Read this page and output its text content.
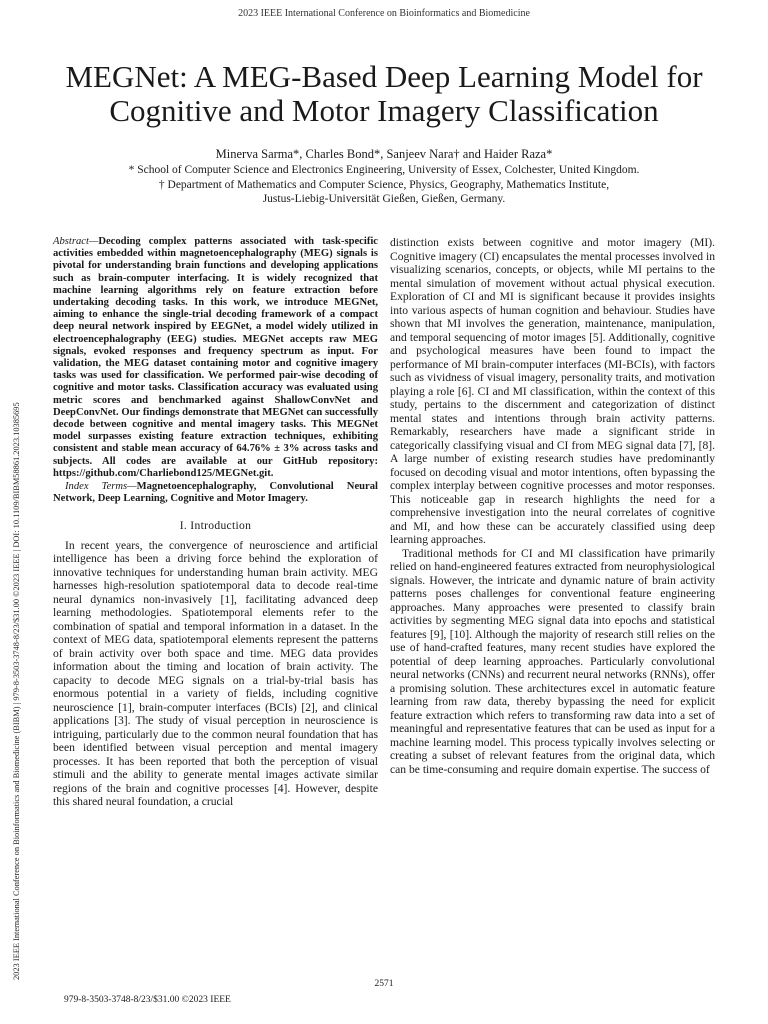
2023 IEEE International Conference on Bioinformatics and Biomedicine
MEGNet: A MEG-Based Deep Learning Model for
Cognitive and Motor Imagery Classification
Minerva Sarma*, Charles Bond*, Sanjeev Nara† and Haider Raza*
* School of Computer Science and Electronics Engineering, University of Essex, Colchester, United Kingdom.
† Department of Mathematics and Computer Science, Physics, Geography, Mathematics Institute,
Justus-Liebig-Universität Gießen, Gießen, Germany.
2023 IEEE International Conference on Bioinformatics and Biomedicine (BIBM) | 979-8-3503-3748-8/23/$31.00 ©2023 IEEE | DOI: 10.1109/BIBM58861.2023.10385695

Abstract—Decoding complex patterns associated with task-specific activities embedded within magnetoencephalography (MEG) signals is pivotal for understanding brain functions and developing applications such as brain-computer interfacing. It is widely recognized that machine learning algorithms rely on feature extraction before undertaking decoding tasks. In this work, we introduce MEGNet, aiming to enhance the single-trial decoding framework of a compact deep neural network inspired by EEGNet, a model widely utilized in electroencephalography (EEG) studies. MEGNet accepts raw MEG signals, evoked responses and frequency spectrum as input. For validation, the MEG dataset containing motor and cognitive imagery tasks was used for classification. We performed pair-wise decoding of cognitive and motor tasks. Classification accuracy was evaluated using metric scores and benchmarked against ShallowConvNet and DeepConvNet. Our findings demonstrate that MEGNet can successfully decode between cognitive and mental imagery tasks. This MEGNet model surpasses existing feature extraction techniques, exhibiting consistent and stable mean accuracy of 64.76% ± 3% across tasks and subjects. All codes are available at our GitHub repository: https://github.com/Charliebond125/MEGNet.git.

Index Terms—Magnetoencephalography, Convolutional Neural Network, Deep Learning, Cognitive and Motor Imagery.

I. Introduction

In recent years, the convergence of neuroscience and artificial intelligence has been a driving force behind the exploration of innovative techniques for understanding human brain activity. MEG harnesses high-resolution spatiotemporal data to decode real-time neural dynamics non-invasively [1], facilitating advanced deep learning methodologies. Spatiotemporal elements refer to the combination of spatial and temporal information in a dataset. In the context of MEG data, spatiotemporal elements represent the patterns of brain activity over both space and time. MEG data provides information about the timing and location of brain activity. The capacity to decode MEG signals on a trial-by-trial basis has enormous potential in a variety of fields, including cognitive neuroscience [1], brain-computer interfaces (BCIs) [2], and clinical applications [3]. The study of visual perception in neuroscience is intriguing, particularly due to the common neural foundation that has been identified between visual perception and mental imagery processes. It has been reported that both the perception of visual stimuli and the ability to generate mental images activate similar regions of the brain and cognitive processes [4]. However, despite this shared neural foundation, a crucial

distinction exists between cognitive and motor imagery (MI). Cognitive imagery (CI) encapsulates the mental processes involved in visualizing scenarios, concepts, or objects, while MI pertains to the mental simulation of movement without actual physical execution. Exploration of CI and MI is significant because it provides insights into various aspects of human cognition and behaviour. Studies have shown that MI involves the generation, maintenance, manipulation, and temporal sequencing of motor images [5]. Additionally, cognitive and psychological measures have been found to impact the performance of MI brain-computer interfaces (MI-BCIs), with factors such as vividness of visual imagery, personality traits, and motivation playing a role [6]. CI and MI classification, within the context of this study, pertains to the discernment and categorization of distinct mental states and intentions through brain activity patterns. Remarkably, researchers have made a significant stride in categorically classifying visual and CI from MEG signal data [7], [8]. A large number of existing research studies have predominantly focused on decoding visual and motor intentions, often bypassing the complex interplay between cognitive processes and motor responses. This noticeable gap in research highlights the need for a comprehensive investigation into the neural correlates of cognitive and MI, and how these can be accurately classified using deep learning approaches.

Traditional methods for CI and MI classification have primarily relied on hand-engineered features extracted from neurophysiological signals. However, the intricate and dynamic nature of brain activity patterns poses challenges for conventional feature engineering approaches. Many approaches were presented to classify brain activities by segmenting MEG signal data into epochs and statistical features [9], [10]. Although the majority of research still relies on the use of hand-crafted features, many recent studies have explored the potential of deep learning approaches. Particularly convolutional neural networks (CNNs) and recurrent neural networks (RNNs), offer a promising solution. These architectures excel in automatic feature learning from raw data, thereby bypassing the need for explicit feature extraction which refers to transforming raw data into a set of meaningful and representative features that can be used as input for a machine learning model. This process typically involves selecting or creating a subset of relevant features from the original data, which can be time-consuming and require domain expertise. The success of

2571
979-8-3503-3748-8/23/$31.00 ©2023 IEEE
